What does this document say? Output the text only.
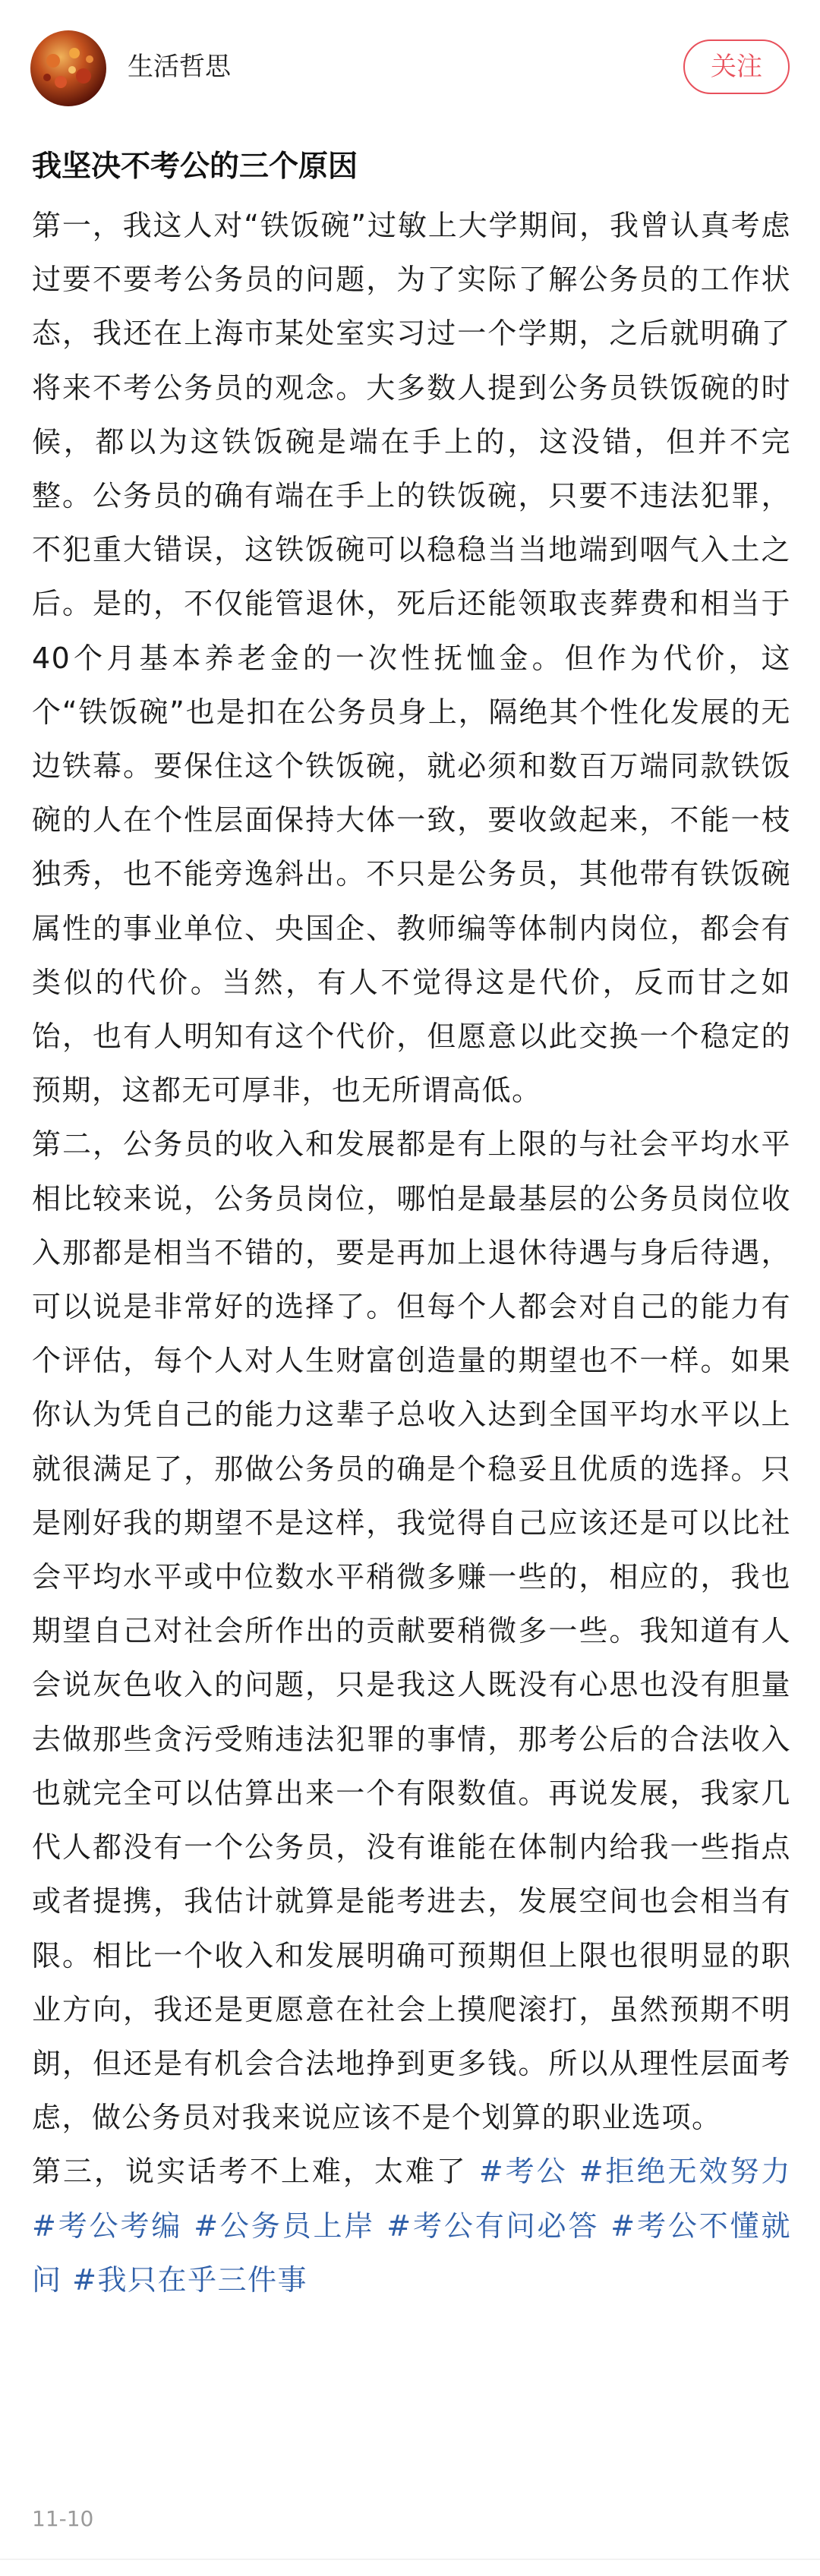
生活哲思	关注
我坚决不考公的三个原因

第一，我这人对“铁饭碗”过敏上大学期间，我曾认真考虑过要不要考公务员的问题，为了实际了解公务员的工作状态，我还在上海市某处室实习过一个学期，之后就明确了将来不考公务员的观念。大多数人提到公务员铁饭碗的时候，都以为这铁饭碗是端在手上的，这没错，但并不完整。公务员的确有端在手上的铁饭碗，只要不违法犯罪，不犯重大错误，这铁饭碗可以稳稳当当地端到咽气入土之后。是的，不仅能管退休，死后还能领取丧葬费和相当于40个月基本养老金的一次性抚恤金。但作为代价，这个“铁饭碗”也是扣在公务员身上，隔绝其个性化发展的无边铁幕。要保住这个铁饭碗，就必须和数百万端同款铁饭碗的人在个性层面保持大体一致，要收敛起来，不能一枝独秀，也不能旁逸斜出。不只是公务员，其他带有铁饭碗属性的事业单位、央国企、教师编等体制内岗位，都会有类似的代价。当然，有人不觉得这是代价，反而甘之如饴，也有人明知有这个代价，但愿意以此交换一个稳定的预期，这都无可厚非，也无所谓高低。

第二，公务员的收入和发展都是有上限的与社会平均水平相比较来说，公务员岗位，哪怕是最基层的公务员岗位收入那都是相当不错的，要是再加上退休待遇与身后待遇，可以说是非常好的选择了。但每个人都会对自己的能力有个评估，每个人对人生财富创造量的期望也不一样。如果你认为凭自己的能力这辈子总收入达到全国平均水平以上就很满足了，那做公务员的确是个稳妥且优质的选择。只是刚好我的期望不是这样，我觉得自己应该还是可以比社会平均水平或中位数水平稍微多赚一些的，相应的，我也期望自己对社会所作出的贡献要稍微多一些。我知道有人会说灰色收入的问题，只是我这人既没有心思也没有胆量去做那些贪污受贿违法犯罪的事情，那考公后的合法收入也就完全可以估算出来一个有限数值。再说发展，我家几代人都没有一个公务员，没有谁能在体制内给我一些指点或者提携，我估计就算是能考进去，发展空间也会相当有限。相比一个收入和发展明确可预期但上限也很明显的职业方向，我还是更愿意在社会上摸爬滚打，虽然预期不明朗，但还是有机会合法地挣到更多钱。所以从理性层面考虑，做公务员对我来说应该不是个划算的职业选项。

第三，说实话考不上难，太难了 #考公 #拒绝无效努力 #考公考编 #公务员上岸 #考公有问必答 #考公不懂就问 #我只在乎三件事

11-10
